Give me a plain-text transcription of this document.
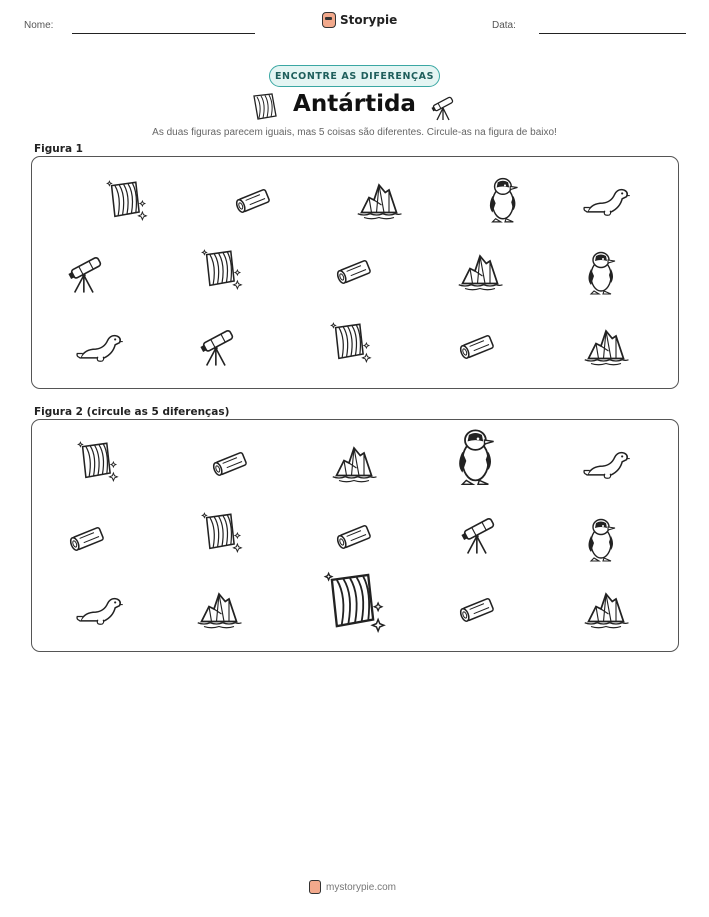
Nome:	Storypie	Data:
ENCONTRE AS DIFERENÇAS
Antártida
As duas figuras parecem iguais, mas 5 coisas são diferentes. Circule-as na figura de baixo!
Figura 1
Figura 2 (circule as 5 diferenças)
mystorypie.com
